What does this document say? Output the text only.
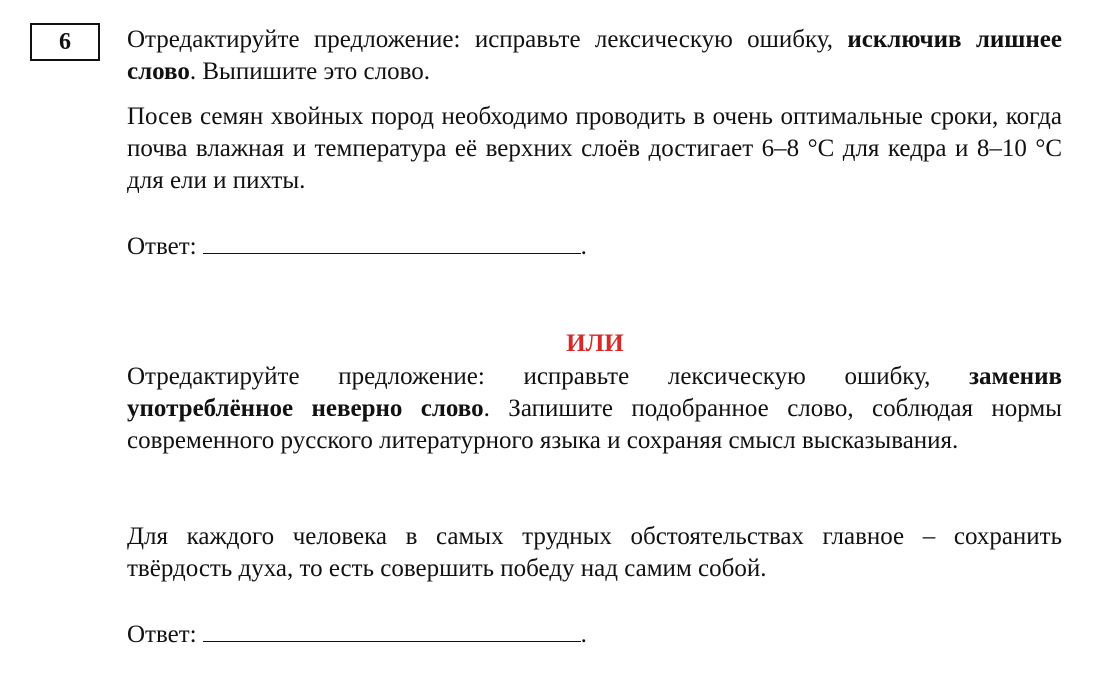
6	Отредактируйте предложение: исправьте лексическую ошибку, исключив лишнее слово. Выпишите это слово.

Посев семян хвойных пород необходимо проводить в очень оптимальные сроки, когда почва влажная и температура её верхних слоёв достигает 6–8 °С для кедра и 8–10 °С для ели и пихты.

Ответ:	.

ИЛИ

Отредактируйте предложение: исправьте лексическую ошибку, заменив употреблённое неверно слово. Запишите подобранное слово, соблюдая нормы современного русского литературного языка и сохраняя смысл высказывания.

Для каждого человека в самых трудных обстоятельствах главное – сохранить твёрдость духа, то есть совершить победу над самим собой.

Ответ:	.
